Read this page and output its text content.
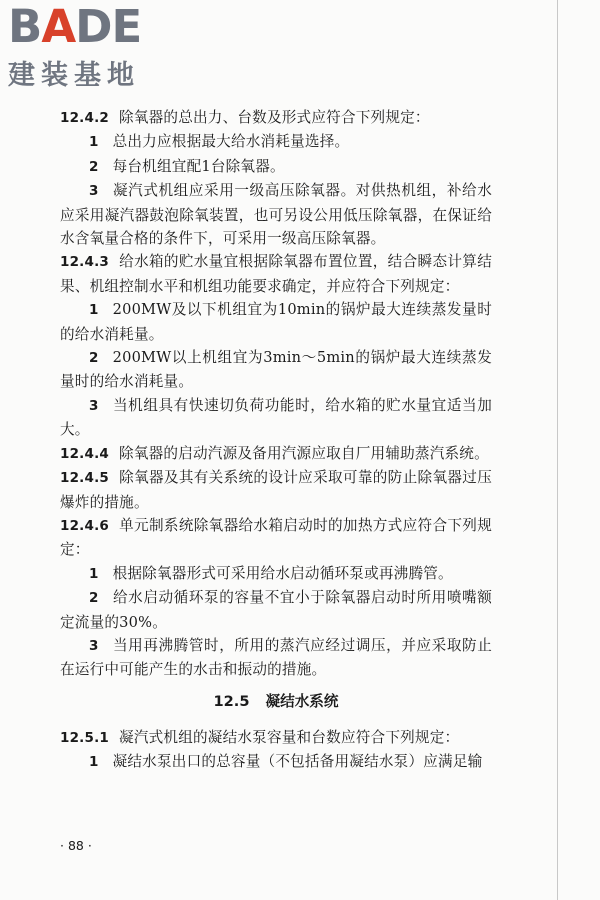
BADE
建装基地

12.4.2 除氧器的总出力、台数及形式应符合下列规定：

1 总出力应根据最大给水消耗量选择。

2 每台机组宜配1台除氧器。

3 凝汽式机组应采用一级高压除氧器。对供热机组，补给水应采用凝汽器鼓泡除氧装置，也可另设公用低压除氧器，在保证给水含氧量合格的条件下，可采用一级高压除氧器。

12.4.3 给水箱的贮水量宜根据除氧器布置位置，结合瞬态计算结果、机组控制水平和机组功能要求确定，并应符合下列规定：

1 200MW及以下机组宜为10min的锅炉最大连续蒸发量时的给水消耗量。

2 200MW以上机组宜为3min～5min的锅炉最大连续蒸发量时的给水消耗量。

3 当机组具有快速切负荷功能时，给水箱的贮水量宜适当加大。

12.4.4 除氧器的启动汽源及备用汽源应取自厂用辅助蒸汽系统。

12.4.5 除氧器及其有关系统的设计应采取可靠的防止除氧器过压爆炸的措施。

12.4.6 单元制系统除氧器给水箱启动时的加热方式应符合下列规定：

1 根据除氧器形式可采用给水启动循环泵或再沸腾管。

2 给水启动循环泵的容量不宜小于除氧器启动时所用喷嘴额定流量的30%。

3 当用再沸腾管时，所用的蒸汽应经过调压，并应采取防止在运行中可能产生的水击和振动的措施。

12.5 凝结水系统

12.5.1 凝汽式机组的凝结水泵容量和台数应符合下列规定：

1 凝结水泵出口的总容量（不包括备用凝结水泵）应满足输

· 88 ·
